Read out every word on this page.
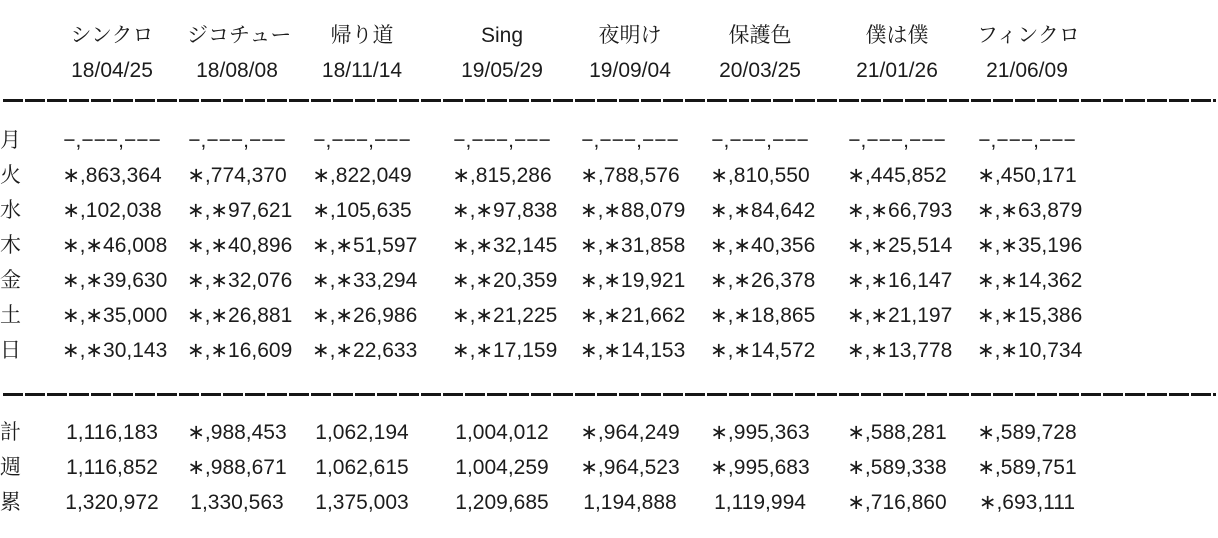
	シンクロ	ジコチュー	帰り道	Sing	夜明け	保護色	僕は僕	フィンクロ
	18/04/25	18/08/08	18/11/14	19/05/29	19/09/04	20/03/25	21/01/26	21/06/09
月	−,−−−,−−−	−,−−−,−−−	−,−−−,−−−	−,−−−,−−−	−,−−−,−−−	−,−−−,−−−	−,−−−,−−−	−,−−−,−−−
火	∗,863,364	∗,774,370	∗,822,049	∗,815,286	∗,788,576	∗,810,550	∗,445,852	∗,450,171
水	∗,102,038	∗,∗97,621	∗,105,635	∗,∗97,838	∗,∗88,079	∗,∗84,642	∗,∗66,793	∗,∗63,879
木	∗,∗46,008	∗,∗40,896	∗,∗51,597	∗,∗32,145	∗,∗31,858	∗,∗40,356	∗,∗25,514	∗,∗35,196
金	∗,∗39,630	∗,∗32,076	∗,∗33,294	∗,∗20,359	∗,∗19,921	∗,∗26,378	∗,∗16,147	∗,∗14,362
土	∗,∗35,000	∗,∗26,881	∗,∗26,986	∗,∗21,225	∗,∗21,662	∗,∗18,865	∗,∗21,197	∗,∗15,386
日	∗,∗30,143	∗,∗16,609	∗,∗22,633	∗,∗17,159	∗,∗14,153	∗,∗14,572	∗,∗13,778	∗,∗10,734
計	1,116,183	∗,988,453	1,062,194	1,004,012	∗,964,249	∗,995,363	∗,588,281	∗,589,728
週	1,116,852	∗,988,671	1,062,615	1,004,259	∗,964,523	∗,995,683	∗,589,338	∗,589,751
累	1,320,972	1,330,563	1,375,003	1,209,685	1,194,888	1,119,994	∗,716,860	∗,693,111
